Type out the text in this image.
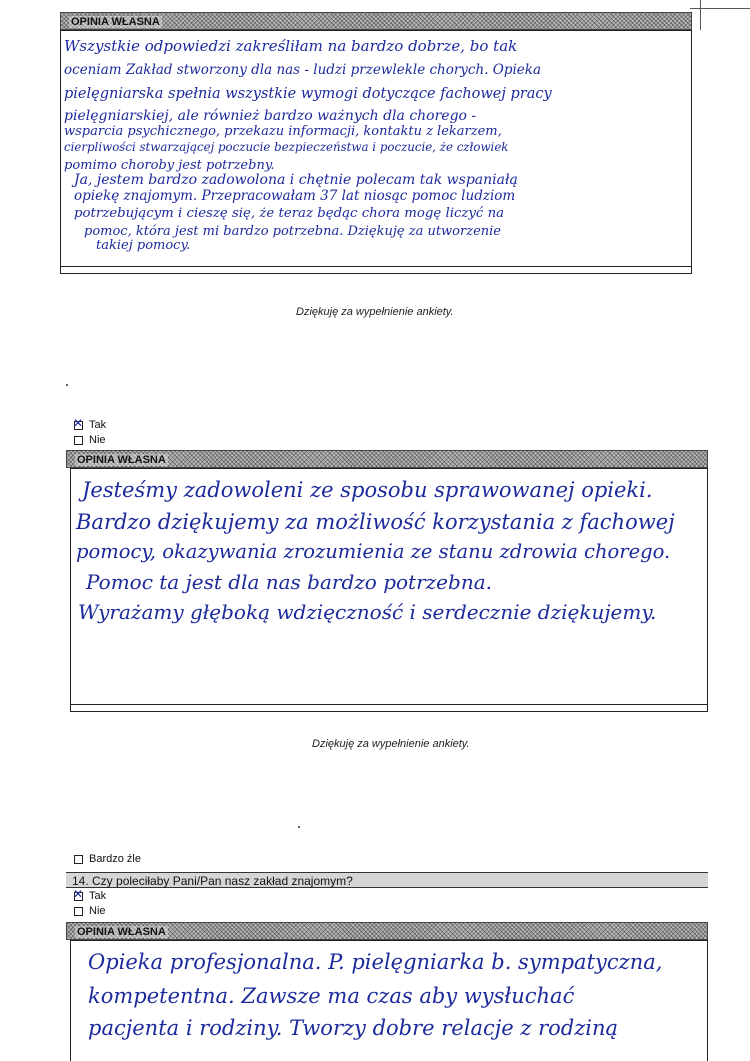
OPINIA WŁASNA
Wszystkie odpowiedzi zakreśliłam na bardzo dobrze, bo tak
oceniam Zakład stworzony dla nas - ludzi przewlekle chorych. Opieka
pielęgniarska spełnia wszystkie wymogi dotyczące fachowej pracy
pielęgniarskiej, ale również bardzo ważnych dla chorego -
wsparcia psychicznego, przekazu informacji, kontaktu z lekarzem,
cierpliwości stwarzającej poczucie bezpieczeństwa i poczucie, że człowiek
pomimo choroby jest potrzebny.
Ja, jestem bardzo zadowolona i chętnie polecam tak wspaniałą
opiekę znajomym. Przepracowałam 37 lat niosąc pomoc ludziom
potrzebującym i cieszę się, że teraz będąc chora mogę liczyć na
pomoc, która jest mi bardzo potrzebna. Dziękuję za utworzenie
takiej pomocy.
Dziękuję za wypełnienie ankiety.
✕ Tak
Nie
OPINIA WŁASNA
Jesteśmy zadowoleni ze sposobu sprawowanej opieki.
Bardzo dziękujemy za możliwość korzystania z fachowej
pomocy, okazywania zrozumienia ze stanu zdrowia chorego.
Pomoc ta jest dla nas bardzo potrzebna.
Wyrażamy głęboką wdzięczność i serdecznie dziękujemy.
Dziękuję za wypełnienie ankiety.
Bardzo źle
14. Czy poleciłaby Pani/Pan nasz zakład znajomym?
✕ Tak
Nie
OPINIA WŁASNA
Opieka profesjonalna. P. pielęgniarka b. sympatyczna,
kompetentna. Zawsze ma czas aby wysłuchać
pacjenta i rodziny. Tworzy dobre relacje z rodziną
